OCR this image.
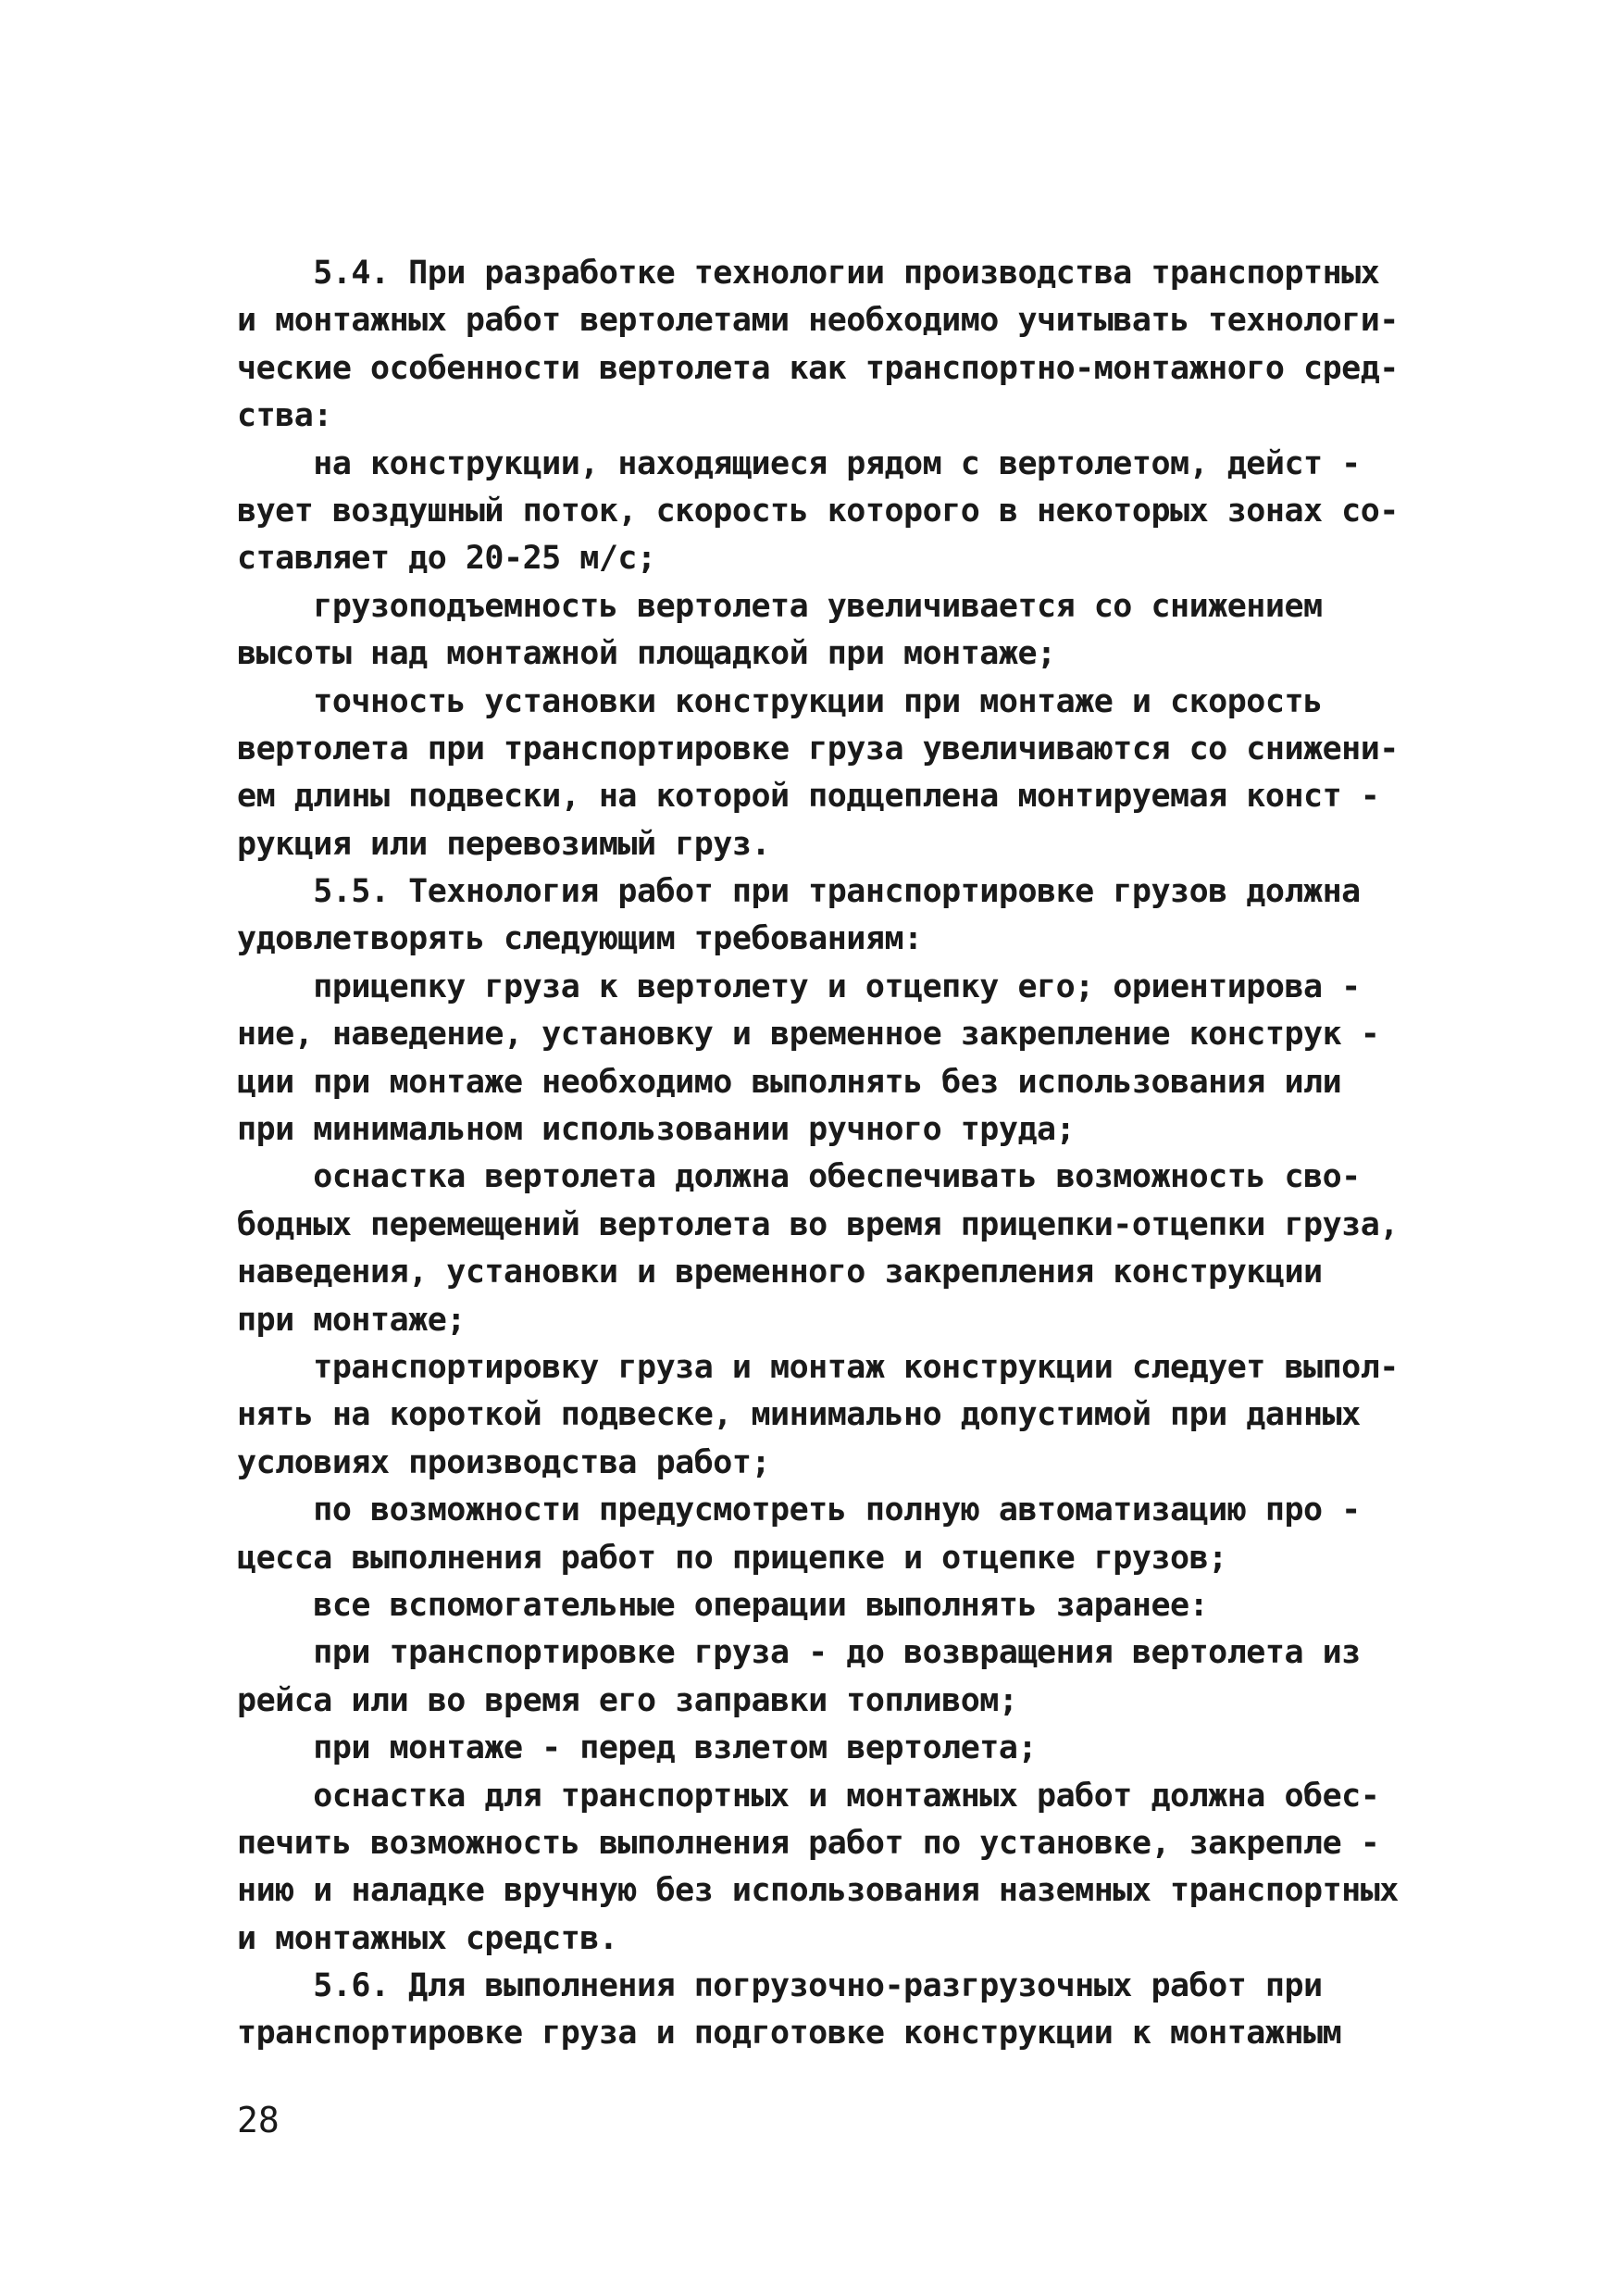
5.4. При разработке технологии производства транспортных
и монтажных работ вертолетами необходимо учитывать технологи-
ческие особенности вертолета как транспортно-монтажного сред-
ства:
на конструкции, находящиеся рядом с вертолетом, дейст -
вует воздушный поток, скорость которого в некоторых зонах со-
ставляет до 20-25 м/с;
грузоподъемность вертолета увеличивается со снижением
высоты над монтажной площадкой при монтаже;
точность установки конструкции при монтаже и скорость
вертолета при транспортировке груза увеличиваются со снижени-
ем длины подвески, на которой подцеплена монтируемая конст -
рукция или перевозимый груз.
5.5. Технология работ при транспортировке грузов должна
удовлетворять следующим требованиям:
прицепку груза к вертолету и отцепку его; ориентирова -
ние, наведение, установку и временное закрепление конструк -
ции при монтаже необходимо выполнять без использования или
при минимальном использовании ручного труда;
оснастка вертолета должна обеспечивать возможность сво-
бодных перемещений вертолета во время прицепки-отцепки груза,
наведения, установки и временного закрепления конструкции
при монтаже;
транспортировку груза и монтаж конструкции следует выпол-
нять на короткой подвеске, минимально допустимой при данных
условиях производства работ;
по возможности предусмотреть полную автоматизацию про -
цесса выполнения работ по прицепке и отцепке грузов;
все вспомогательные операции выполнять заранее:
при транспортировке груза - до возвращения вертолета из
рейса или во время его заправки топливом;
при монтаже - перед взлетом вертолета;
оснастка для транспортных и монтажных работ должна обес-
печить возможность выполнения работ по установке, закрепле -
нию и наладке вручную без использования наземных транспортных
и монтажных средств.
5.6. Для выполнения погрузочно-разгрузочных работ при
транспортировке груза и подготовке конструкции к монтажным
28
